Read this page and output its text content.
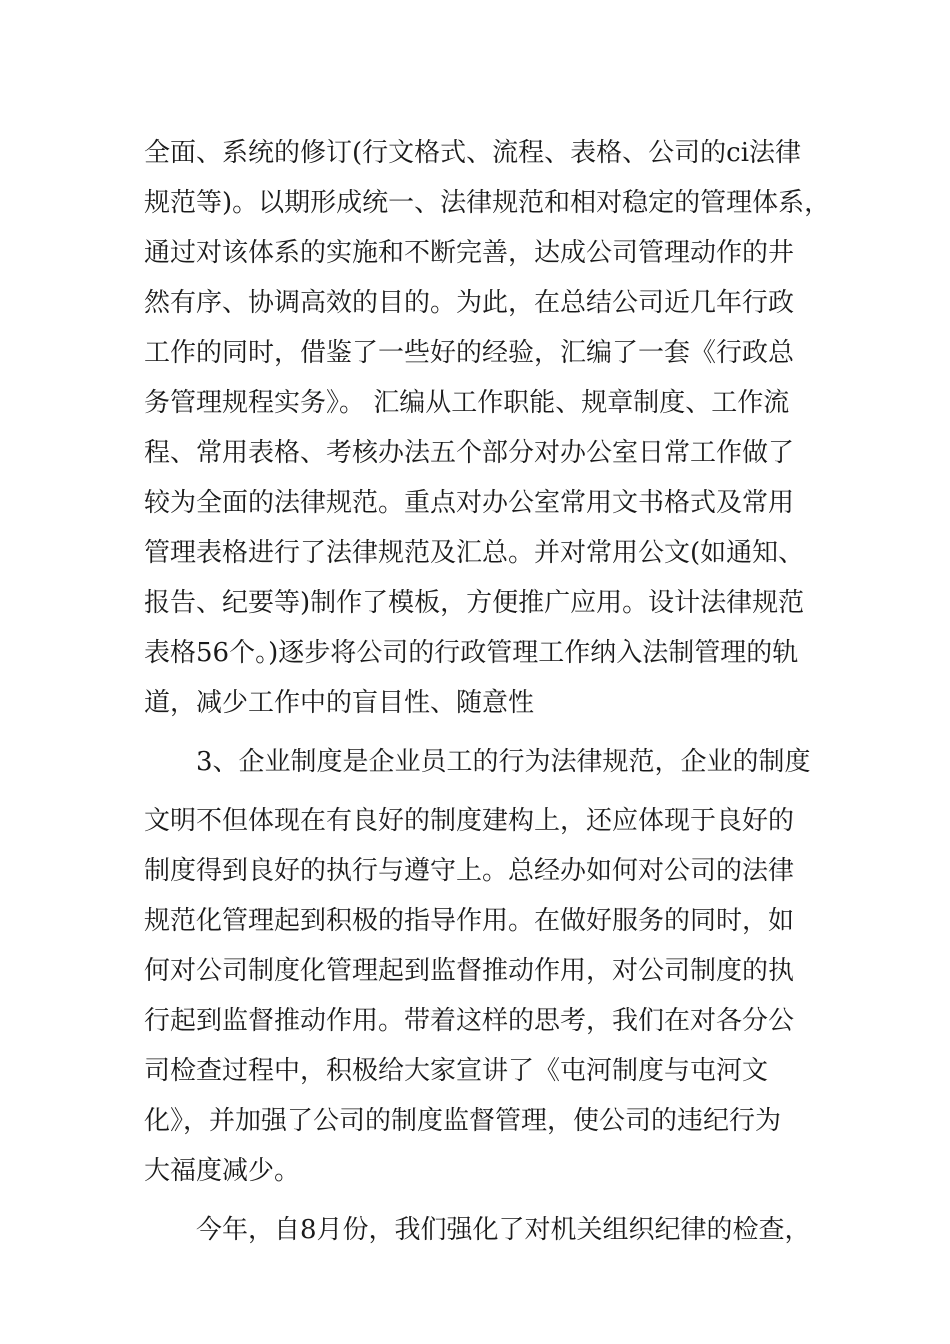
全面、系统的修订(行文格式、流程、表格、公司的ci法律
规范等)。以期形成统一、法律规范和相对稳定的管理体系，
通过对该体系的实施和不断完善，达成公司管理动作的井
然有序、协调高效的目的。为此，在总结公司近几年行政
工作的同时，借鉴了一些好的经验，汇编了一套《行政总
务管理规程实务》。 汇编从工作职能、规章制度、工作流
程、常用表格、考核办法五个部分对办公室日常工作做了
较为全面的法律规范。重点对办公室常用文书格式及常用
管理表格进行了法律规范及汇总。并对常用公文(如通知、
报告、纪要等)制作了模板，方便推广应用。设计法律规范
表格56个。)逐步将公司的行政管理工作纳入法制管理的轨
道，减少工作中的盲目性、随意性
3、企业制度是企业员工的行为法律规范，企业的制度
文明不但体现在有良好的制度建构上，还应体现于良好的
制度得到良好的执行与遵守上。总经办如何对公司的法律
规范化管理起到积极的指导作用。在做好服务的同时，如
何对公司制度化管理起到监督推动作用，对公司制度的执
行起到监督推动作用。带着这样的思考，我们在对各分公
司检查过程中，积极给大家宣讲了《屯河制度与屯河文
化》，并加强了公司的制度监督管理，使公司的违纪行为
大福度减少。
今年，自8月份，我们强化了对机关组织纪律的检查，
